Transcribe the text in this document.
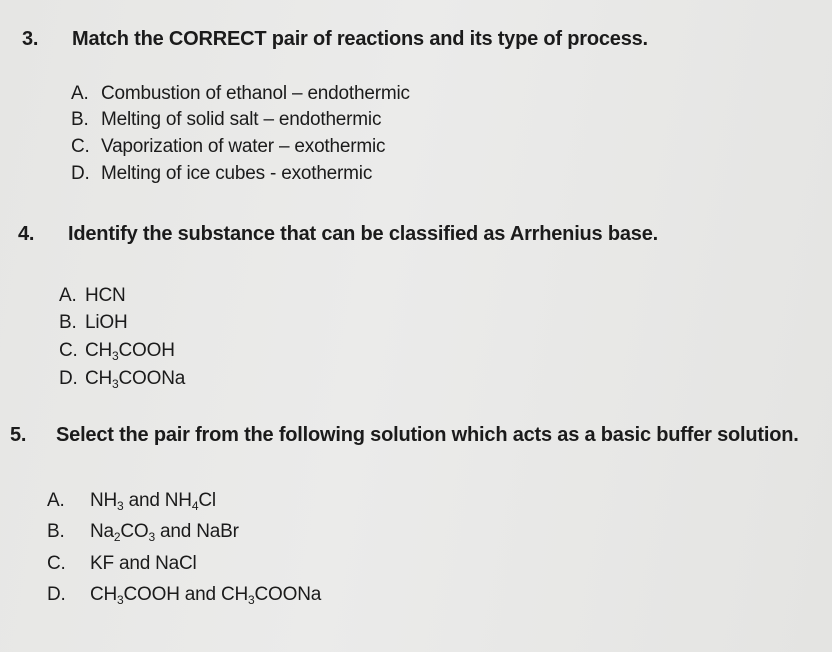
3. Match the CORRECT pair of reactions and its type of process.
A. Combustion of ethanol – endothermic
B. Melting of solid salt – endothermic
C. Vaporization of water – exothermic
D. Melting of ice cubes - exothermic
4. Identify the substance that can be classified as Arrhenius base.
A. HCN
B. LiOH
C. $CH_3COOH$
D. $CH_3COONa$
5. Select the pair from the following solution which acts as a basic buffer solution.
A. $NH_3$ and $NH_4Cl$
B. $Na_2CO_3$ and NaBr
C. KF and NaCl
D. $CH_3COOH$ and $CH_3COONa$
